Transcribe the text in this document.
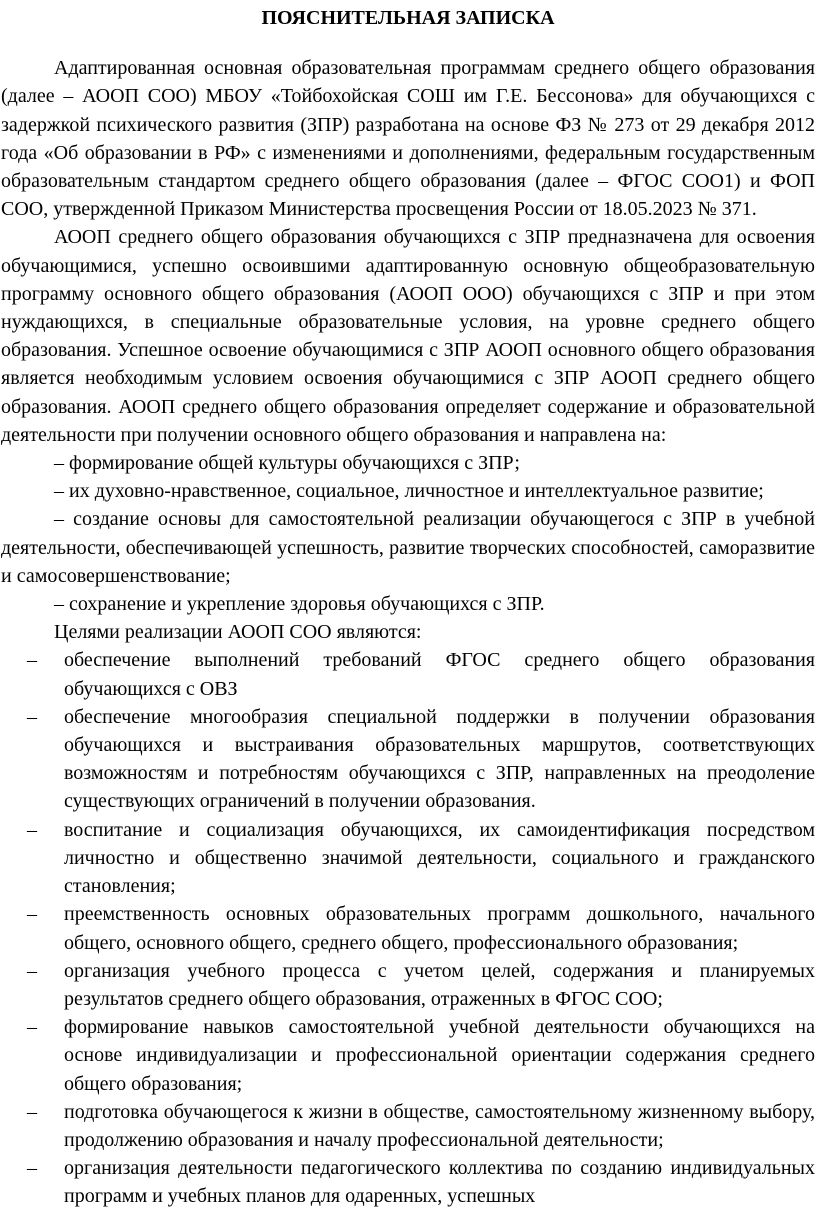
ПОЯСНИТЕЛЬНАЯ ЗАПИСКА

Адаптированная основная образовательная программам среднего общего образования (далее – АООП СОО) МБОУ «Тойбохойская СОШ им Г.Е. Бессонова» для обучающихся с задержкой психического развития (ЗПР) разработана на основе ФЗ № 273 от 29 декабря 2012 года «Об образовании в РФ» с изменениями и дополнениями, федеральным государственным образовательным стандартом среднего общего образования (далее – ФГОС СОО1) и ФОП СОО, утвержденной Приказом Министерства просвещения России от 18.05.2023 № 371.

АООП среднего общего образования обучающихся с ЗПР предназначена для освоения обучающимися, успешно освоившими адаптированную основную общеобразовательную программу основного общего образования (АООП ООО) обучающихся с ЗПР и при этом нуждающихся, в специальные образовательные условия, на уровне среднего общего образования. Успешное освоение обучающимися с ЗПР АООП основного общего образования является необходимым условием освоения обучающимися с ЗПР АООП среднего общего образования. АООП среднего общего образования определяет содержание и образовательной деятельности при получении основного общего образования и направлена на:

– формирование общей культуры обучающихся с ЗПР;
– их духовно-нравственное, социальное, личностное и интеллектуальное развитие;
– создание основы для самостоятельной реализации обучающегося с ЗПР в учебной деятельности, обеспечивающей успешность, развитие творческих способностей, саморазвитие и самосовершенствование;
– сохранение и укрепление здоровья обучающихся с ЗПР.
Целями реализации АООП СОО являются:
– обеспечение выполнений требований ФГОС среднего общего образования обучающихся с ОВЗ
– обеспечение многообразия специальной поддержки в получении образования обучающихся и выстраивания образовательных маршрутов, соответствующих возможностям и потребностям обучающихся с ЗПР, направленных на преодоление существующих ограничений в получении образования.
– воспитание и социализация обучающихся, их самоидентификация посредством личностно и общественно значимой деятельности, социального и гражданского становления;
– преемственность основных образовательных программ дошкольного, начального общего, основного общего, среднего общего, профессионального образования;
– организация учебного процесса с учетом целей, содержания и планируемых результатов среднего общего образования, отраженных в ФГОС СОО;
– формирование навыков самостоятельной учебной деятельности обучающихся на основе индивидуализации и профессиональной ориентации содержания среднего общего образования;
– подготовка обучающегося к жизни в обществе, самостоятельному жизненному выбору, продолжению образования и началу профессиональной деятельности;
– организация деятельности педагогического коллектива по созданию индивидуальных программ и учебных планов для одаренных, успешных
